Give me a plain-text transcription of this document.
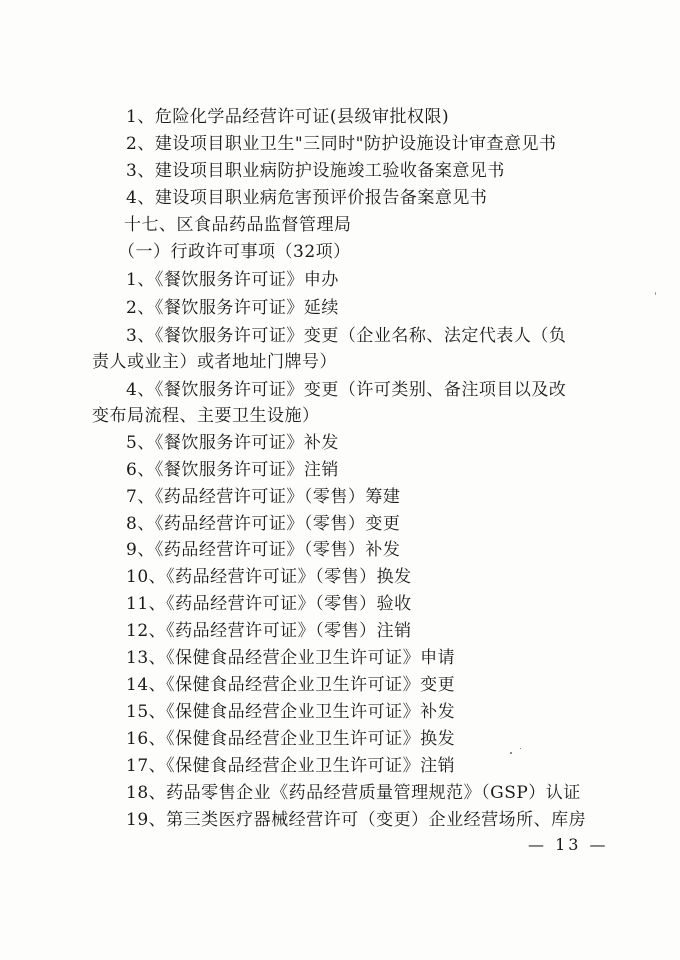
1、危险化学品经营许可证(县级审批权限)
2、建设项目职业卫生"三同时"防护设施设计审查意见书
3、建设项目职业病防护设施竣工验收备案意见书
4、建设项目职业病危害预评价报告备案意见书
十七、区食品药品监督管理局
（一）行政许可事项（32项）
1、《餐饮服务许可证》申办
2、《餐饮服务许可证》延续
3、《餐饮服务许可证》变更（企业名称、法定代表人（负
责人或业主）或者地址门牌号）
4、《餐饮服务许可证》变更（许可类别、备注项目以及改
变布局流程、主要卫生设施）
5、《餐饮服务许可证》补发
6、《餐饮服务许可证》注销
7、《药品经营许可证》（零售）筹建
8、《药品经营许可证》（零售）变更
9、《药品经营许可证》（零售）补发
10、《药品经营许可证》（零售）换发
11、《药品经营许可证》（零售）验收
12、《药品经营许可证》（零售）注销
13、《保健食品经营企业卫生许可证》申请
14、《保健食品经营企业卫生许可证》变更
15、《保健食品经营企业卫生许可证》补发
16、《保健食品经营企业卫生许可证》换发
17、《保健食品经营企业卫生许可证》注销
18、药品零售企业《药品经营质量管理规范》（GSP）认证
19、第三类医疗器械经营许可（变更）企业经营场所、库房
— 13 —
